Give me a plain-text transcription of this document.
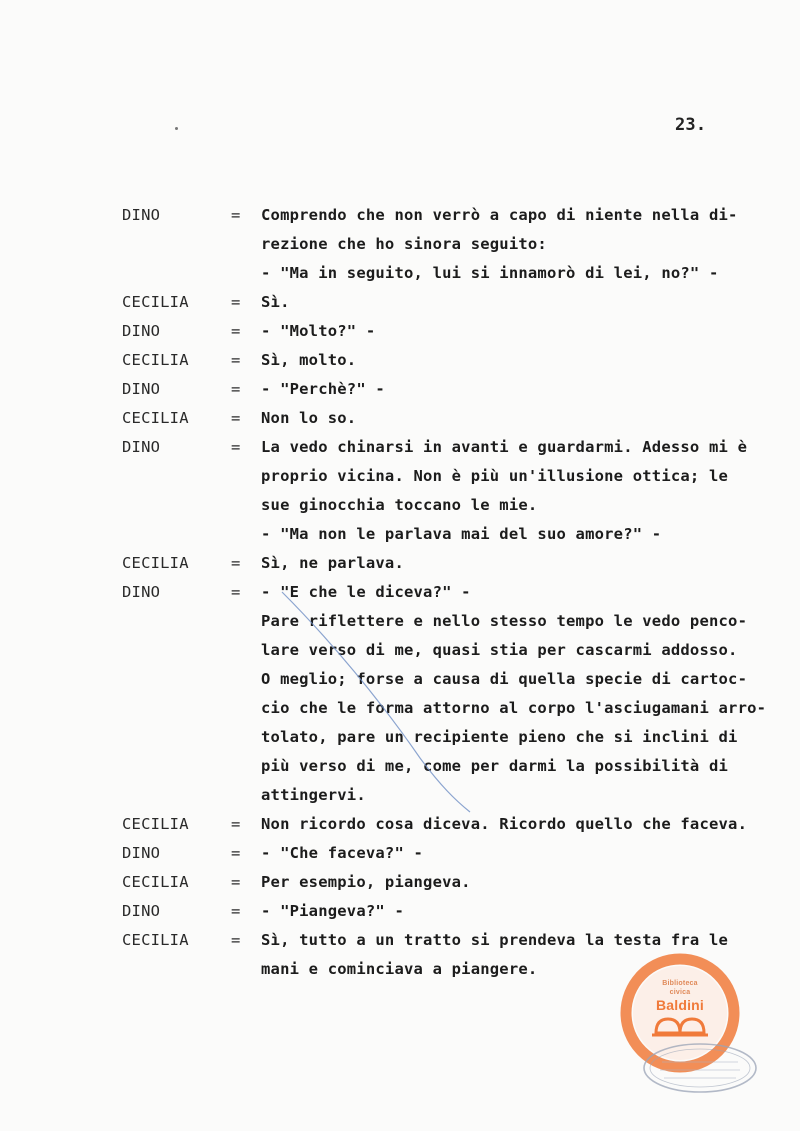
23.
DINO	= Comprendo che non verrò a capo di niente nella di-
rezione che ho sinora seguito:
- "Ma in seguito, lui si innamorò di lei, no?" -
CECILIA	= Sì.
DINO	= - "Molto?" -
CECILIA	= Sì, molto.
DINO	= - "Perchè?" -
CECILIA	= Non lo so.
DINO	= La vedo chinarsi in avanti e guardarmi. Adesso mi è
proprio vicina. Non è più un'illusione ottica; le
sue ginocchia toccano le mie.
- "Ma non le parlava mai del suo amore?" -
CECILIA	= Sì, ne parlava.
DINO	= - "E che le diceva?" -
Pare riflettere e nello stesso tempo le vedo penco-
lare verso di me, quasi stia per cascarmi addosso.
O meglio; forse a causa di quella specie di cartoc-
cio che le forma attorno al corpo l'asciugamani arro-
tolato, pare un recipiente pieno che si inclini di
più verso di me, come per darmi la possibilità di
attingervi.
CECILIA	= Non ricordo cosa diceva. Ricordo quello che faceva.
DINO	= - "Che faceva?" -
CECILIA	= Per esempio, piangeva.
DINO	= - "Piangeva?" -
CECILIA	= Sì, tutto a un tratto si prendeva la testa fra le
mani e cominciava a piangere.
Biblioteca
civica
Baldini
